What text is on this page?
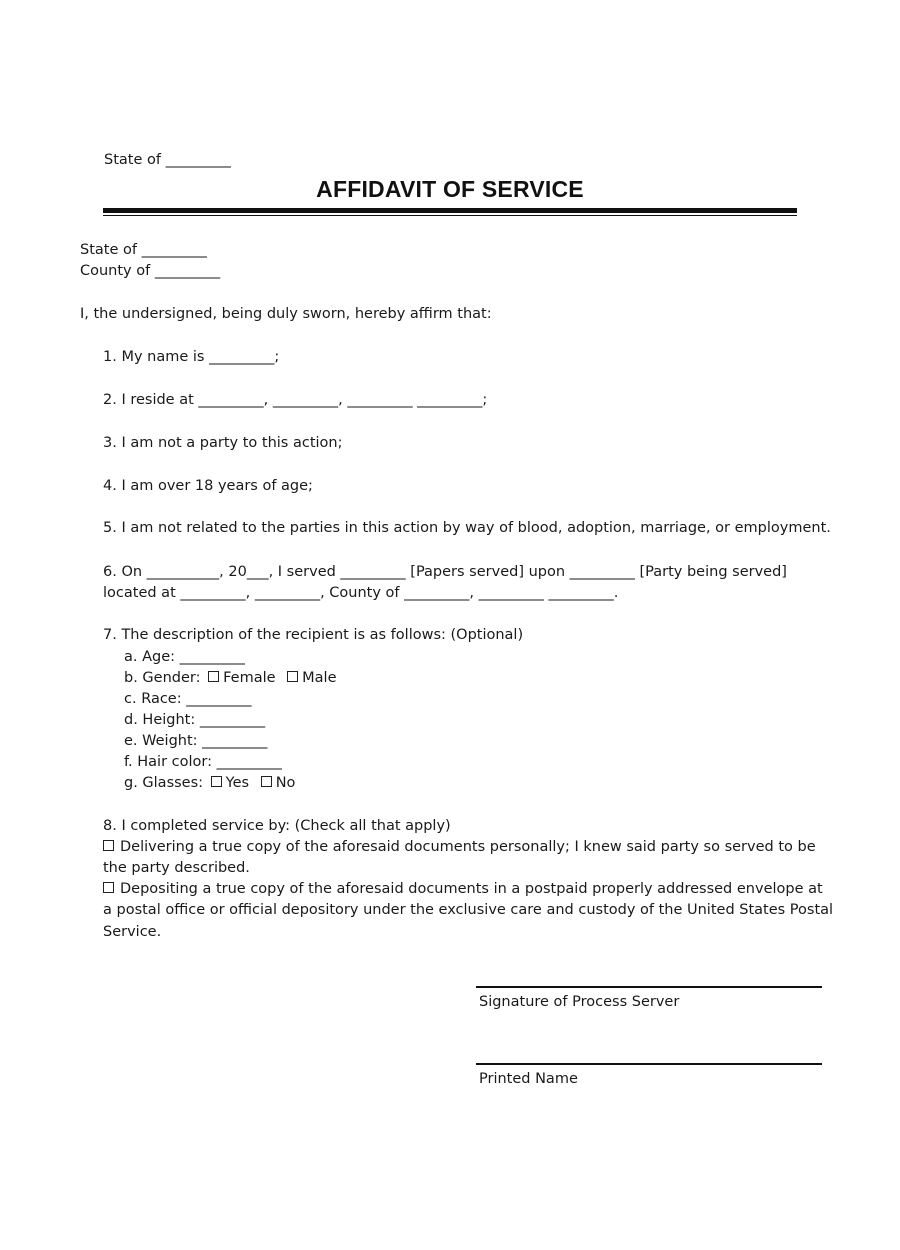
State of _________
AFFIDAVIT OF SERVICE
State of _________
County of _________
I, the undersigned, being duly sworn, hereby affirm that:
1. My name is _________;
2. I reside at _________, _________, _________ _________;
3. I am not a party to this action;
4. I am over 18 years of age;
5. I am not related to the parties in this action by way of blood, adoption, marriage, or employment.
6. On __________, 20___, I served _________ [Papers served] upon _________ [Party being served]
located at _________, _________, County of _________, _________ _________.
7. The description of the recipient is as follows: (Optional)
a. Age: _________
b. Gender: Female Male
c. Race: _________
d. Height: _________
e. Weight: _________
f. Hair color: _________
g. Glasses: Yes No
8. I completed service by: (Check all that apply)
Delivering a true copy of the aforesaid documents personally; I knew said party so served to be
the party described.
Depositing a true copy of the aforesaid documents in a postpaid properly addressed envelope at
a postal office or official depository under the exclusive care and custody of the United States Postal
Service.
Signature of Process Server
Printed Name
